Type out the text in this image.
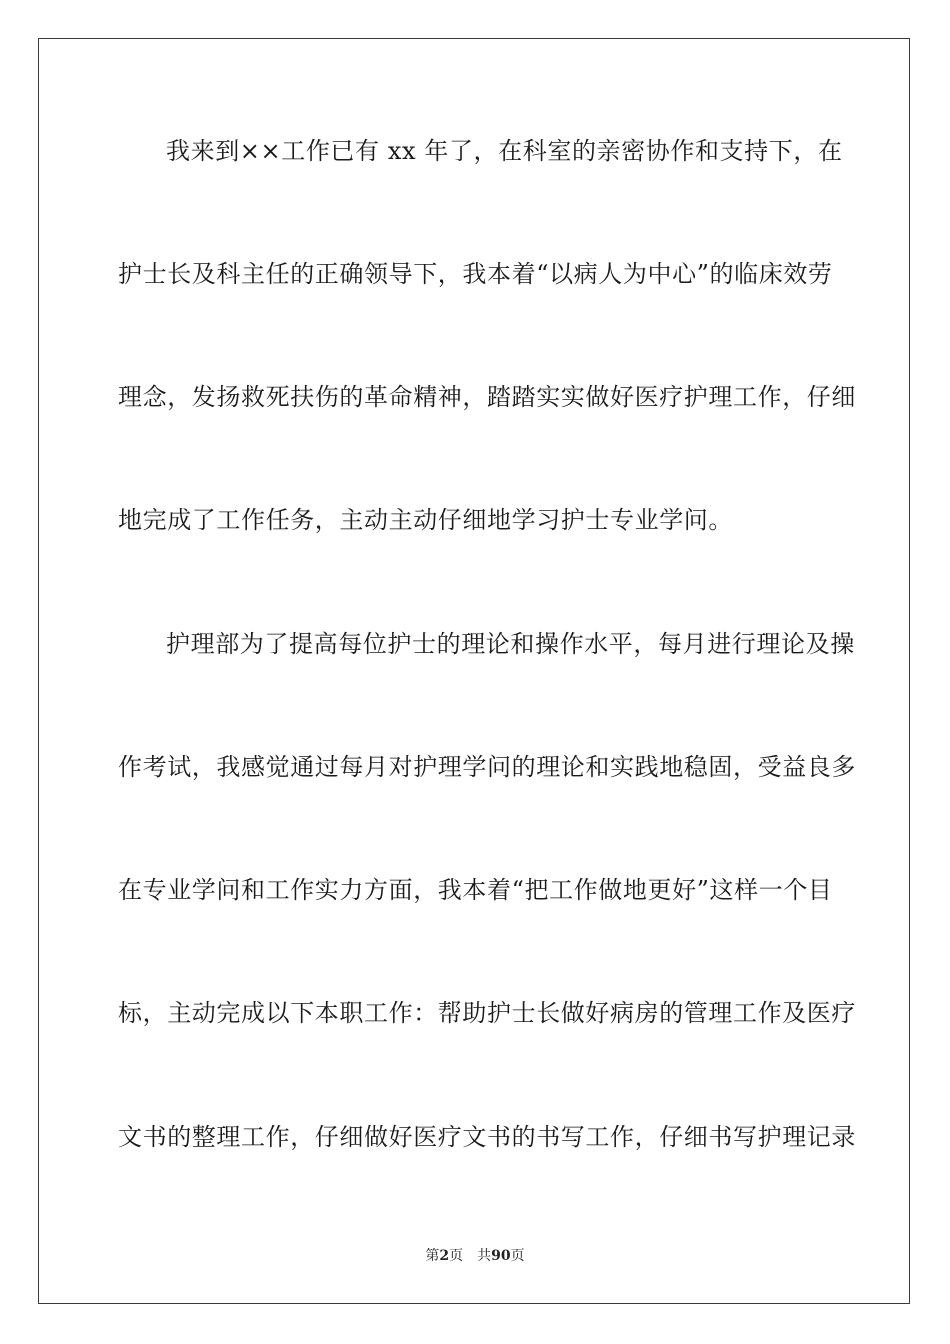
我来到××工作已有 xx 年了，在科室的亲密协作和支持下，在
护士长及科主任的正确领导下，我本着“以病人为中心”的临床效劳
理念，发扬救死扶伤的革命精神，踏踏实实做好医疗护理工作，仔细
地完成了工作任务，主动主动仔细地学习护士专业学问。
护理部为了提高每位护士的理论和操作水平，每月进行理论及操
作考试，我感觉通过每月对护理学问的理论和实践地稳固，受益良多
在专业学问和工作实力方面，我本着“把工作做地更好”这样一个目
标，主动完成以下本职工作：帮助护士长做好病房的管理工作及医疗
文书的整理工作，仔细做好医疗文书的书写工作，仔细书写护理记录
第2页 共90页
